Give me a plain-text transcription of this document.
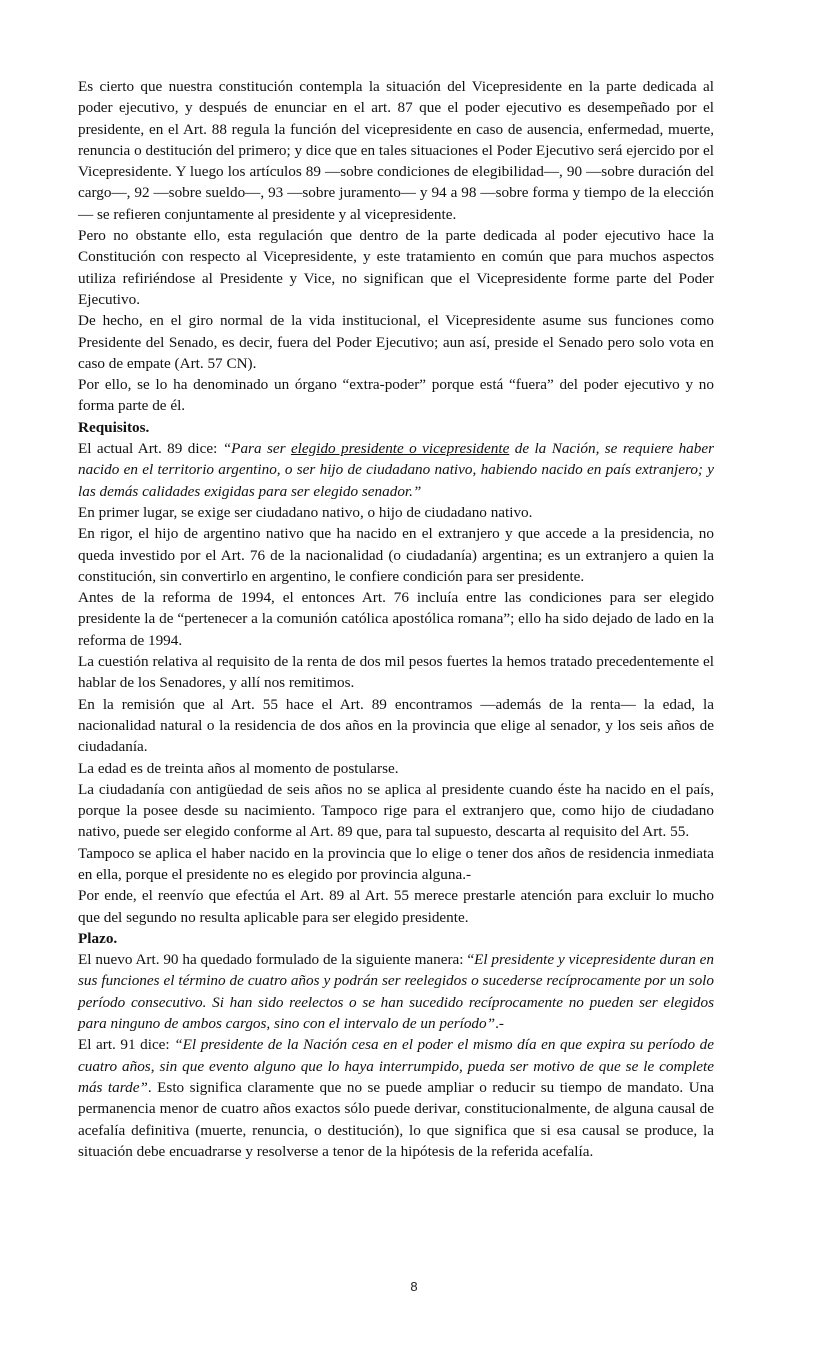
Es cierto que nuestra constitución contempla la situación del Vicepresidente en la parte dedicada al poder ejecutivo, y después de enunciar en el art. 87 que el poder ejecutivo es desempeñado por el presidente, en el Art. 88 regula la función del vicepresidente en caso de ausencia, enfermedad, muerte, renuncia o destitución del primero; y dice que en tales situaciones el Poder Ejecutivo será ejercido por el Vicepresidente. Y luego los artículos 89 —sobre condiciones de elegibilidad—, 90 —sobre duración del cargo—, 92 —sobre sueldo—, 93 —sobre juramento— y 94 a 98 —sobre forma y tiempo de la elección— se refieren conjuntamente al presidente y al vicepresidente.

Pero no obstante ello, esta regulación que dentro de la parte dedicada al poder ejecutivo hace la Constitución con respecto al Vicepresidente, y este tratamiento en común que para muchos aspectos utiliza refiriéndose al Presidente y Vice, no significan que el Vicepresidente forme parte del Poder Ejecutivo.

De hecho, en el giro normal de la vida institucional, el Vicepresidente asume sus funciones como Presidente del Senado, es decir, fuera del Poder Ejecutivo; aun así, preside el Senado pero solo vota en caso de empate (Art. 57 CN).

Por ello, se lo ha denominado un órgano “extra-poder” porque está “fuera” del poder ejecutivo y no forma parte de él.

Requisitos.

El actual Art. 89 dice: “Para ser elegido presidente o vicepresidente de la Nación, se requiere haber nacido en el territorio argentino, o ser hijo de ciudadano nativo, habiendo nacido en país extranjero; y las demás calidades exigidas para ser elegido senador.”

En primer lugar, se exige ser ciudadano nativo, o hijo de ciudadano nativo.

En rigor, el hijo de argentino nativo que ha nacido en el extranjero y que accede a la presidencia, no queda investido por el Art. 76 de la nacionalidad (o ciudadanía) argentina; es un extranjero a quien la constitución, sin convertirlo en argentino, le confiere condición para ser presidente.

Antes de la reforma de 1994, el entonces Art. 76 incluía entre las condiciones para ser elegido presidente la de “pertenecer a la comunión católica apostólica romana”; ello ha sido dejado de lado en la reforma de 1994.

La cuestión relativa al requisito de la renta de dos mil pesos fuertes la hemos tratado precedentemente el hablar de los Senadores, y allí nos remitimos.

En la remisión que al Art. 55 hace el Art. 89 encontramos —además de la renta— la edad, la nacionalidad natural o la residencia de dos años en la provincia que elige al senador, y los seis años de ciudadanía.

La edad es de treinta años al momento de postularse.

La ciudadanía con antigüedad de seis años no se aplica al presidente cuando éste ha nacido en el país, porque la posee desde su nacimiento. Tampoco rige para el extranjero que, como hijo de ciudadano nativo, puede ser elegido conforme al Art. 89 que, para tal supuesto, descarta al requisito del Art. 55.

Tampoco se aplica el haber nacido en la provincia que lo elige o tener dos años de residencia inmediata en ella, porque el presidente no es elegido por provincia alguna.-

Por ende, el reenvío que efectúa el Art. 89 al Art. 55 merece prestarle atención para excluir lo mucho que del segundo no resulta aplicable para ser elegido presidente.

Plazo.

El nuevo Art. 90 ha quedado formulado de la siguiente manera: “El presidente y vicepresidente duran en sus funciones el término de cuatro años y podrán ser reelegidos o sucederse recíprocamente por un solo período consecutivo. Si han sido reelectos o se han sucedido recíprocamente no pueden ser elegidos para ninguno de ambos cargos, sino con el intervalo de un período”.-

El art. 91 dice: “El presidente de la Nación cesa en el poder el mismo día en que expira su período de cuatro años, sin que evento alguno que lo haya interrumpido, pueda ser motivo de que se le complete más tarde”. Esto significa claramente que no se puede ampliar o reducir su tiempo de mandato. Una permanencia menor de cuatro años exactos sólo puede derivar, constitucionalmente, de alguna causal de acefalía definitiva (muerte, renuncia, o destitución), lo que significa que si esa causal se produce, la situación debe encuadrarse y resolverse a tenor de la hipótesis de la referida acefalía.

8
